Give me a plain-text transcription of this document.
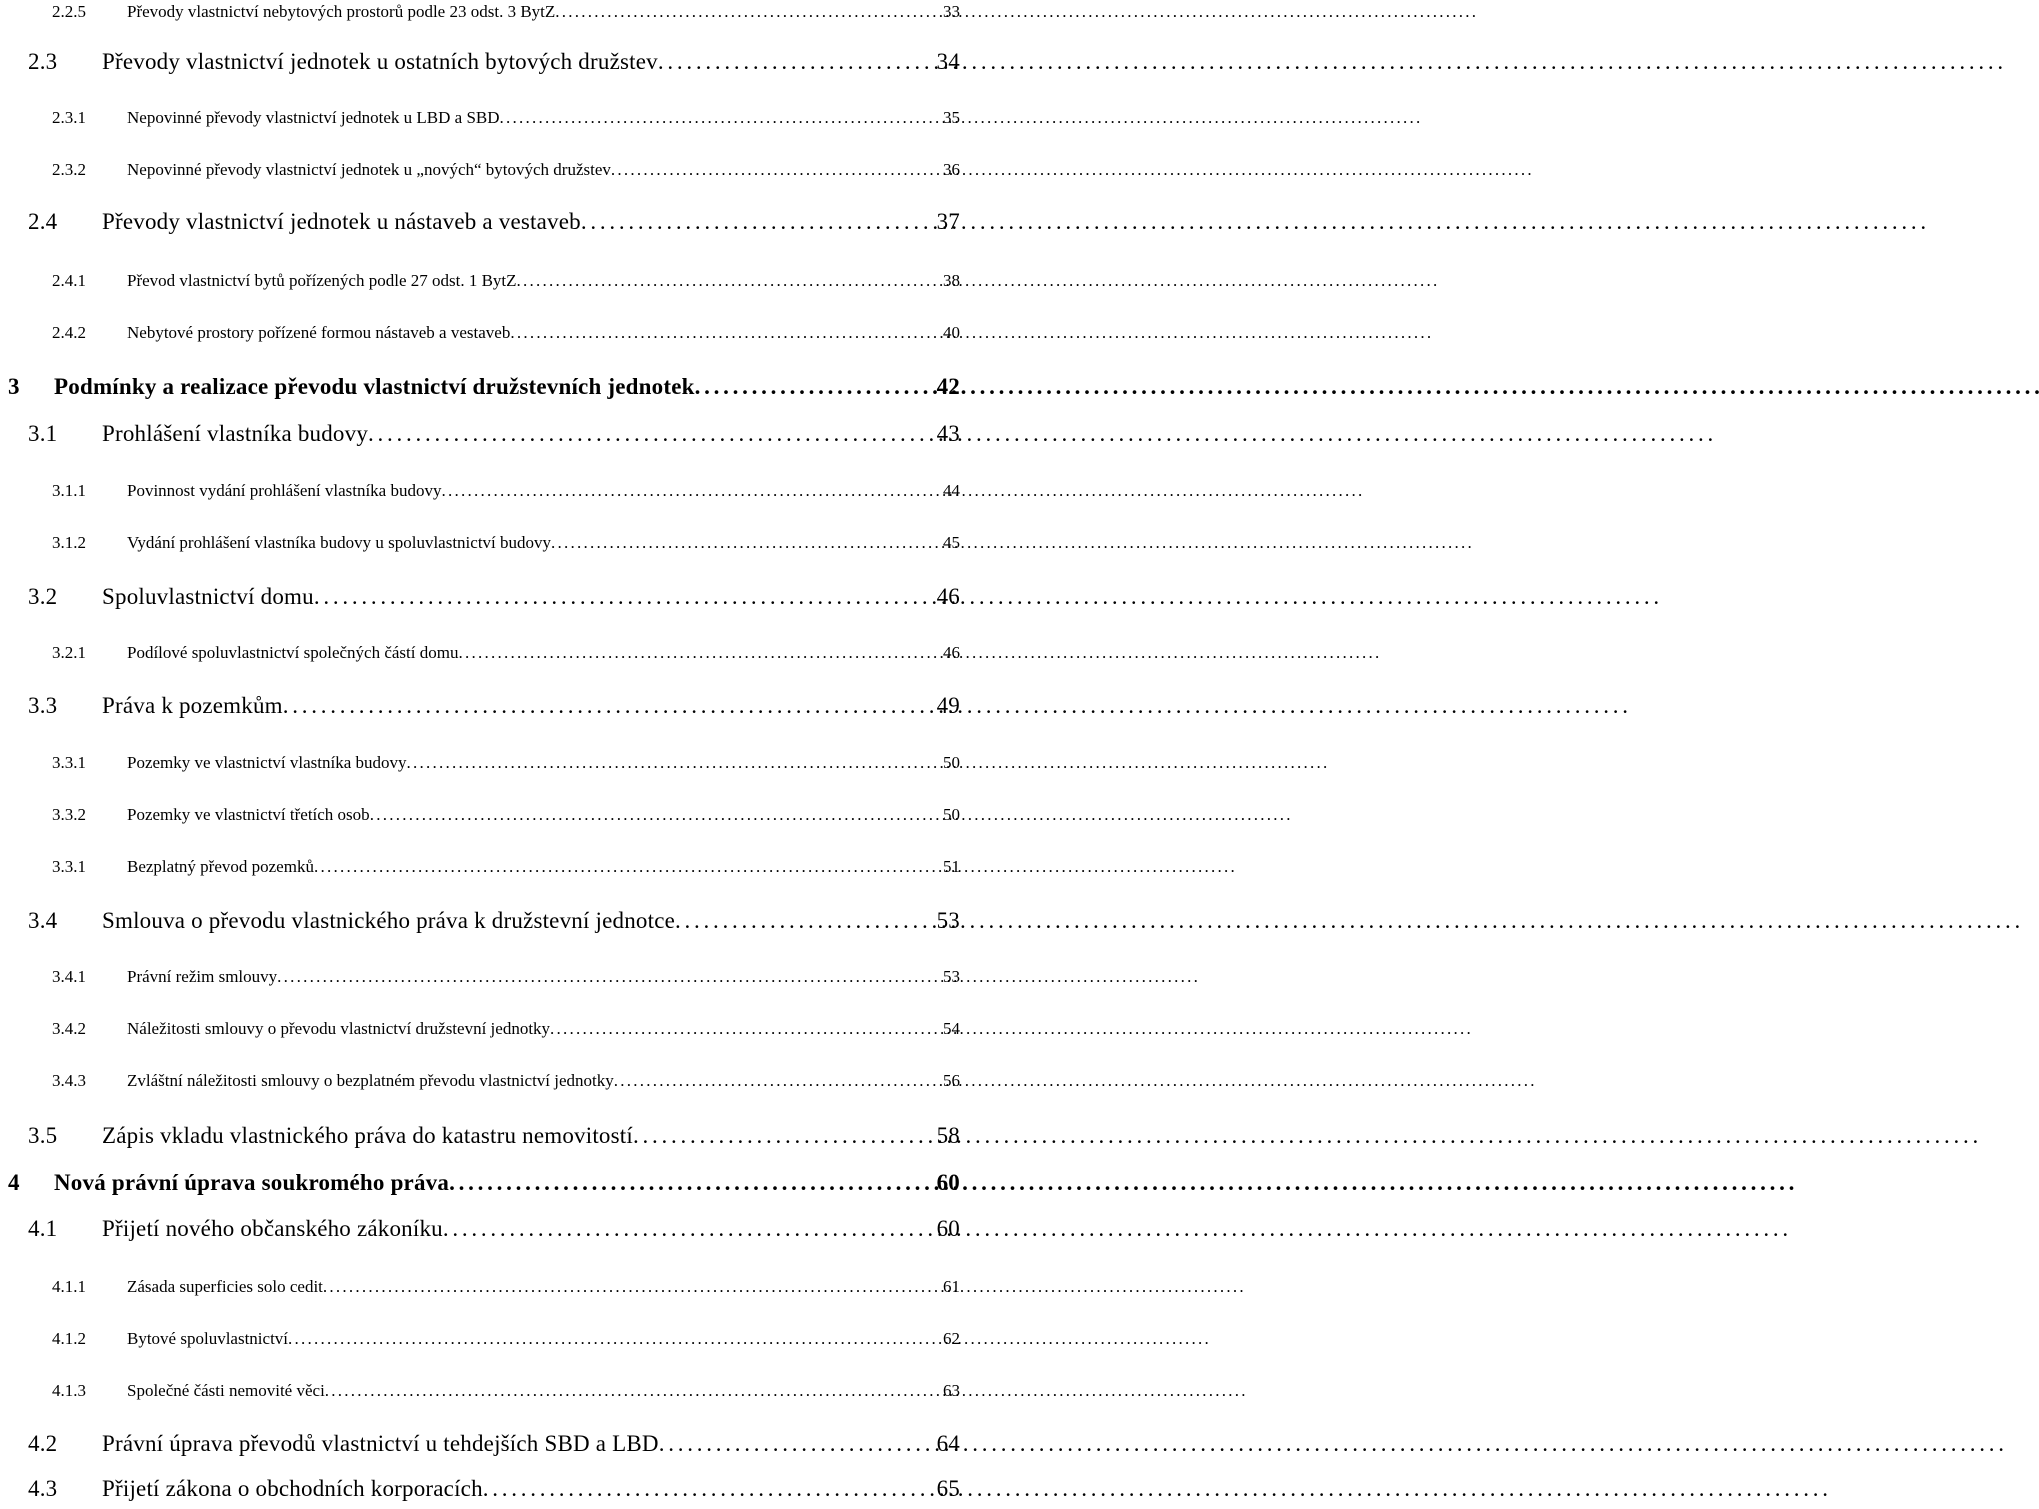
2.2.5	Převody vlastnictví nebytových prostorů podle 23 odst. 3 BytZ . . .	33
2.3	Převody vlastnictví jednotek u ostatních bytových družstev . . .	34
2.3.1	Nepovinné převody vlastnictví jednotek u LBD a SBD . . .	35
2.3.2	Nepovinné převody vlastnictví jednotek u „nových“ bytových družstev . . .	36
2.4	Převody vlastnictví jednotek u nástaveb a vestaveb . . .	37
2.4.1	Převod vlastnictví bytů pořízených podle 27 odst. 1 BytZ . . .	38
2.4.2	Nebytové prostory pořízené formou nástaveb a vestaveb . . .	40
3	Podmínky a realizace převodu vlastnictví družstevních jednotek . . .	42
3.1	Prohlášení vlastníka budovy . . .	43
3.1.1	Povinnost vydání prohlášení vlastníka budovy . . .	44
3.1.2	Vydání prohlášení vlastníka budovy u spoluvlastnictví budovy . . .	45
3.2	Spoluvlastnictví domu . . .	46
3.2.1	Podílové spoluvlastnictví společných částí domu . . .	46
3.3	Práva k pozemkům . . .	49
3.3.1	Pozemky ve vlastnictví vlastníka budovy . . .	50
3.3.2	Pozemky ve vlastnictví třetích osob . . .	50
3.3.1	Bezplatný převod pozemků . . .	51
3.4	Smlouva o převodu vlastnického práva k družstevní jednotce . . .	53
3.4.1	Právní režim smlouvy . . .	53
3.4.2	Náležitosti smlouvy o převodu vlastnictví družstevní jednotky . . .	54
3.4.3	Zvláštní náležitosti smlouvy o bezplatném převodu vlastnictví jednotky . . .	56
3.5	Zápis vkladu vlastnického práva do katastru nemovitostí . . .	58
4	Nová právní úprava soukromého práva . . .	60
4.1	Přijetí nového občanského zákoníku . . .	60
4.1.1	Zásada superficies solo cedit . . .	61
4.1.2	Bytové spoluvlastnictví . . .	62
4.1.3	Společné části nemovité věci . . .	63
4.2	Právní úprava převodů vlastnictví u tehdejších SBD a LBD . . .	64
4.3	Přijetí zákona o obchodních korporacích . . .	65
